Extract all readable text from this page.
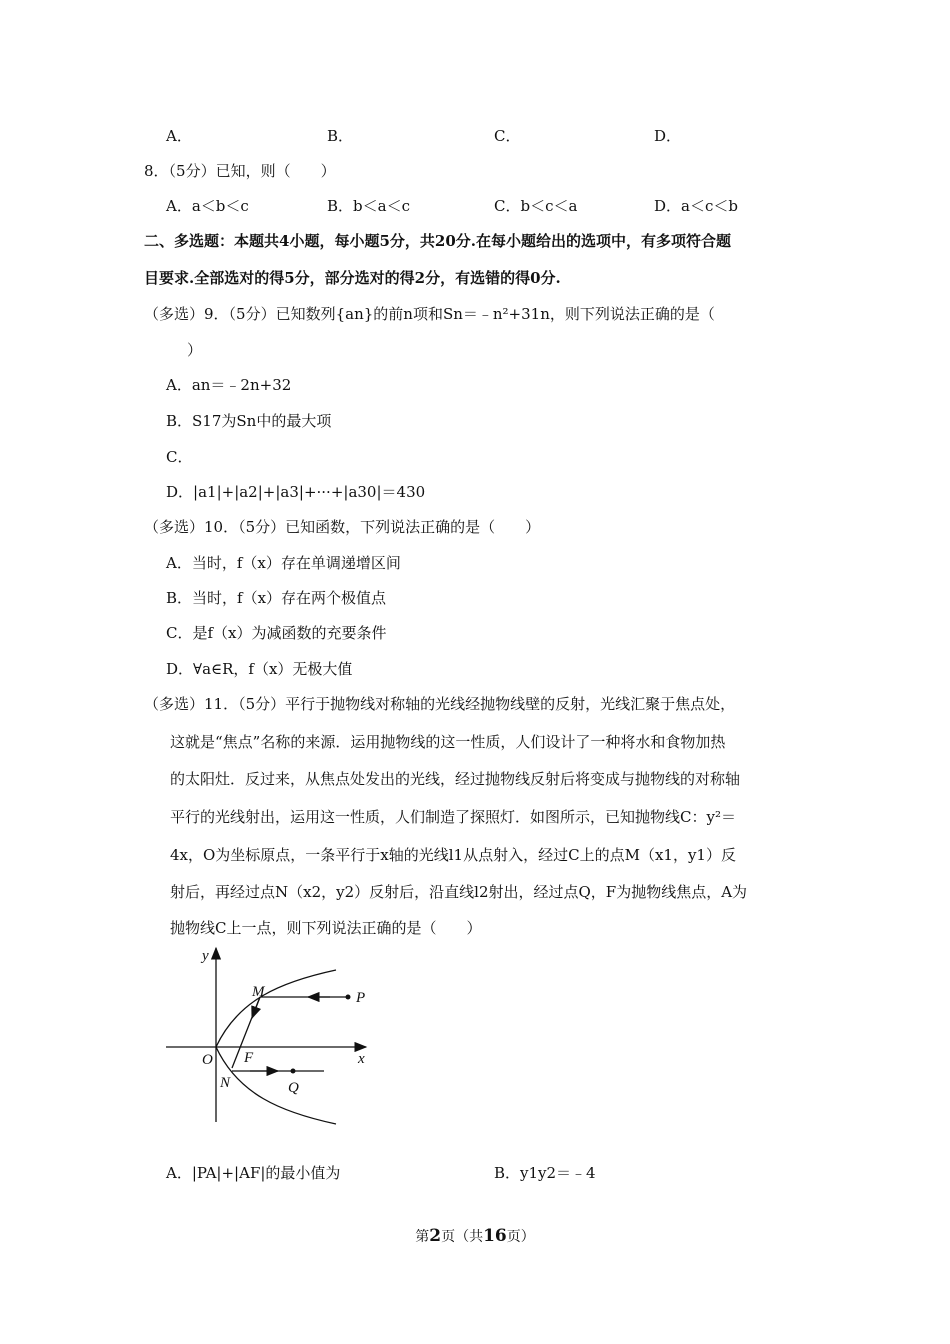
A．	B．	C．	D．
8．（5分）已知，则（　　）
A．a＜b＜c	B．b＜a＜c	C．b＜c＜a	D．a＜c＜b
二、多选题：本题共4小题，每小题5分，共20分.在每小题给出的选项中，有多项符合题
目要求.全部选对的得5分，部分选对的得2分，有选错的得0分.
（多选）9．（5分）已知数列{an}的前n项和Sn＝﹣n²+31n，则下列说法正确的是（
）
A．an＝﹣2n+32
B．S17为Sn中的最大项
C．
D．|a1|+|a2|+|a3|+···+|a30|＝430
（多选）10．（5分）已知函数，下列说法正确的是（　　）
A．当时，f（x）存在单调递增区间
B．当时，f（x）存在两个极值点
C．是f（x）为减函数的充要条件
D．∀a∈R，f（x）无极大值
（多选）11．（5分）平行于抛物线对称轴的光线经抛物线壁的反射，光线汇聚于焦点处，
这就是“焦点”名称的来源．运用抛物线的这一性质，人们设计了一种将水和食物加热
的太阳灶．反过来，从焦点处发出的光线，经过抛物线反射后将变成与抛物线的对称轴
平行的光线射出，运用这一性质，人们制造了探照灯．如图所示，已知抛物线C：y²＝
4x，O为坐标原点，一条平行于x轴的光线l1从点射入，经过C上的点M（x1，y1）反
射后，再经过点N（x2，y2）反射后，沿直线l2射出，经过点Q，F为抛物线焦点，A为
抛物线C上一点，则下列说法正确的是（　　）
y
x
O
M	P
F
N	Q
A．|PA|+|AF|的最小值为	B．y1y2＝﹣4
第2页（共16页）
